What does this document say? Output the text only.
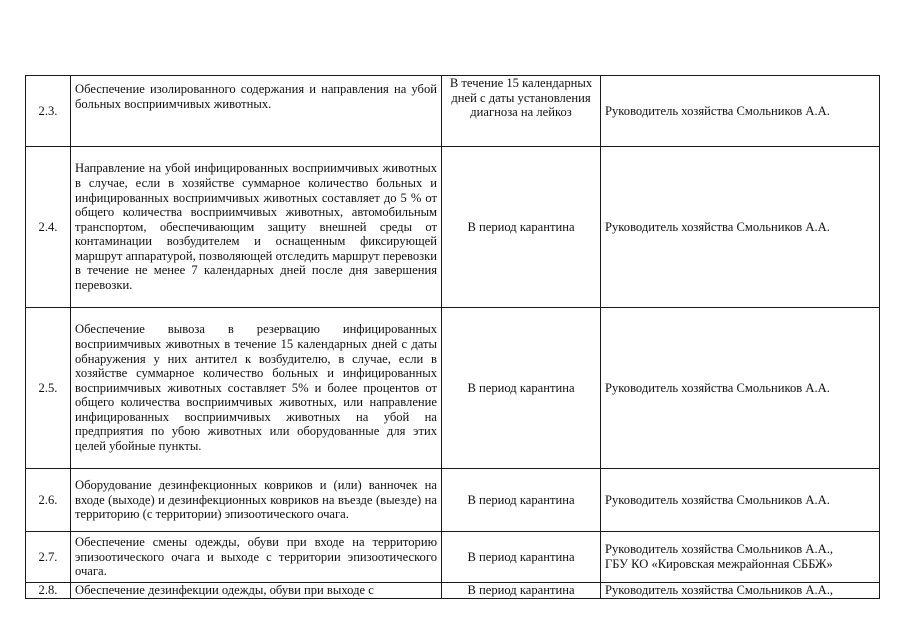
2.3.	Обеспечение изолированного содержания и направления на убой больных восприимчивых животных.	В течение 15 календарных дней с даты установления диагноза на лейкоз	Руководитель хозяйства Смольников А.А.
2.4.	Направление на убой инфицированных восприимчивых животных в случае, если в хозяйстве суммарное количество больных и инфицированных восприимчивых животных составляет до 5 % от общего количества восприимчивых животных, автомобильным транспортом, обеспечивающим защиту внешней среды от контаминации возбудителем и оснащенным фиксирующей маршрут аппаратурой, позволяющей отследить маршрут перевозки в течение не менее 7 календарных дней после дня завершения перевозки.	В период карантина	Руководитель хозяйства Смольников А.А.
2.5.	Обеспечение вывоза в резервацию инфицированных восприимчивых животных в течение 15 календарных дней с даты обнаружения у них антител к возбудителю, в случае, если в хозяйстве суммарное количество больных и инфицированных восприимчивых животных составляет 5% и более процентов от общего количества восприимчивых животных, или направление инфицированных восприимчивых животных на убой на предприятия по убою животных или оборудованные для этих целей убойные пункты.	В период карантина	Руководитель хозяйства Смольников А.А.
2.6.	Оборудование дезинфекционных ковриков и (или) ванночек на входе (выходе) и дезинфекционных ковриков на въезде (выезде) на территорию (с территории) эпизоотического очага.	В период карантина	Руководитель хозяйства Смольников А.А.
2.7.	Обеспечение смены одежды, обуви при входе на территорию эпизоотического очага и выходе с территории эпизоотического очага.	В период карантина	Руководитель хозяйства Смольников А.А.,
ГБУ КО «Кировская межрайонная СББЖ»

2.8.	Обеспечение дезинфекции одежды, обуви при выходе с	В период карантина	Руководитель хозяйства Смольников А.А.,
